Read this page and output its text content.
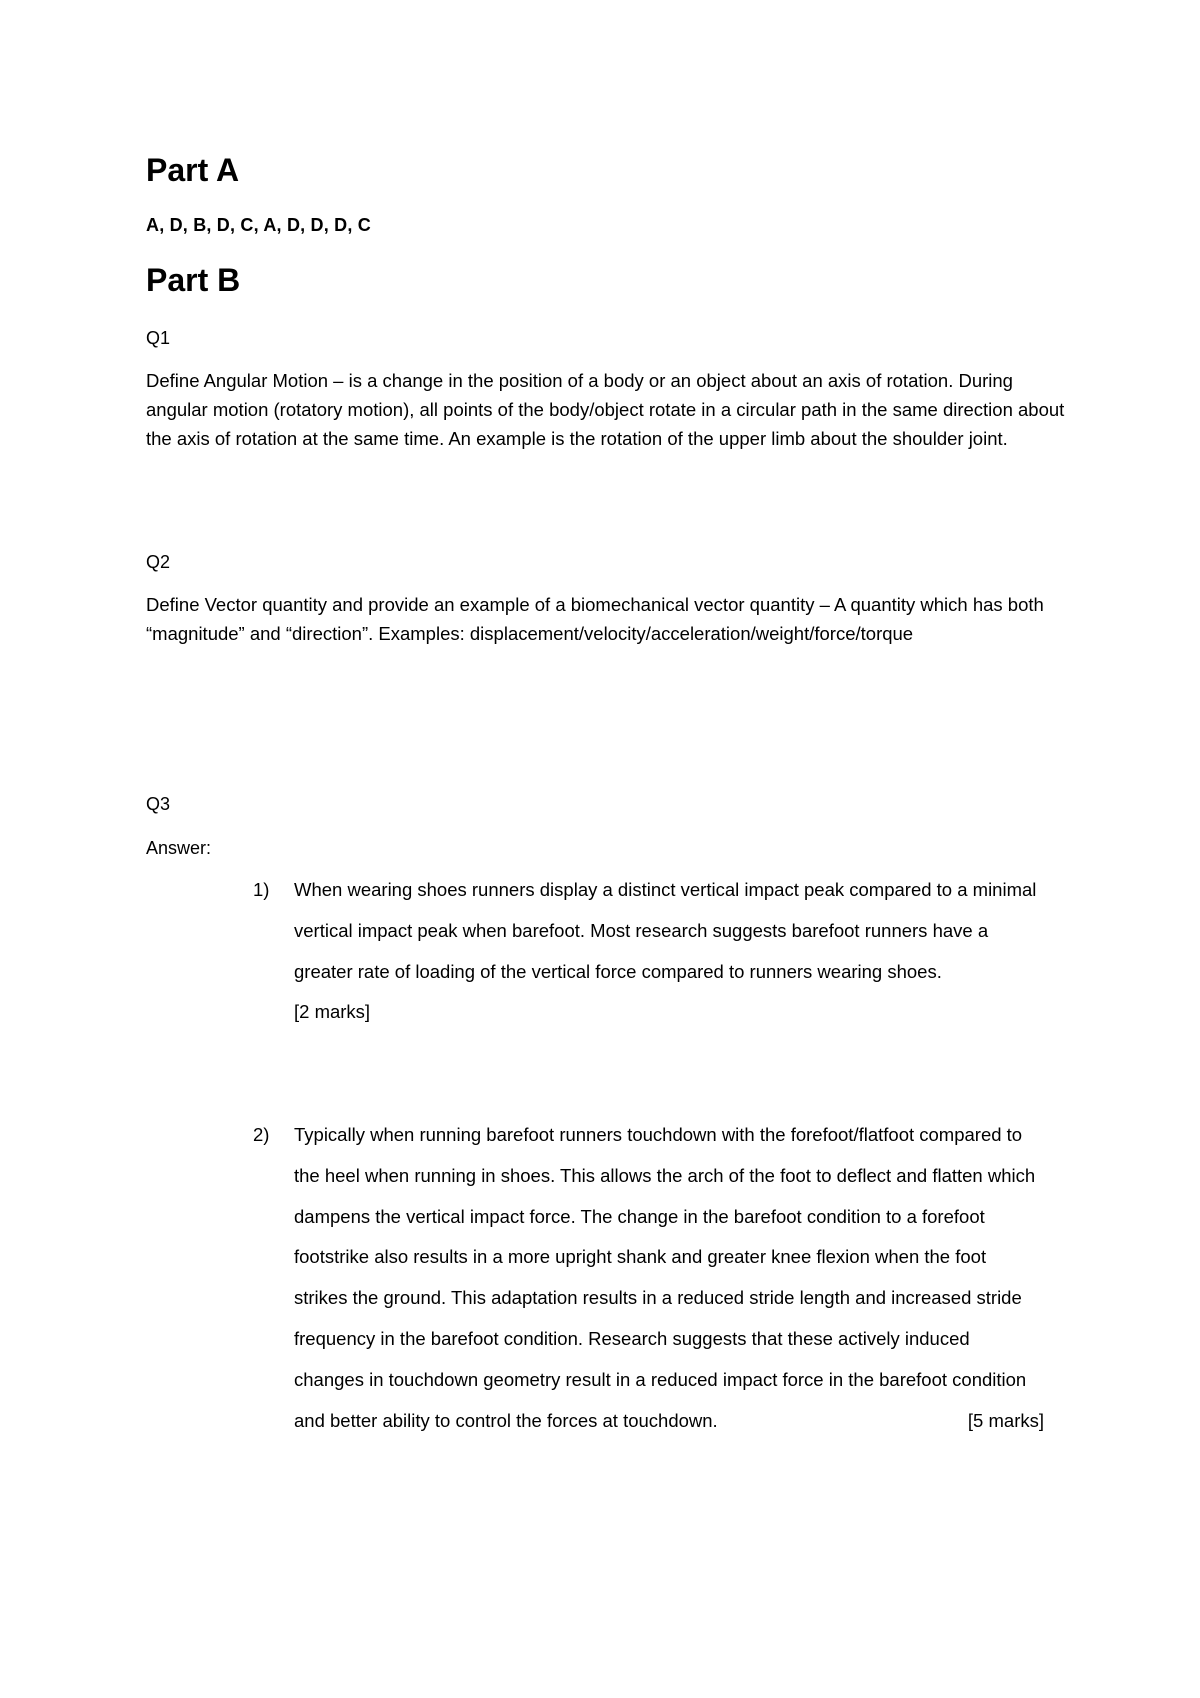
Part A

A, D, B, D, C, A, D, D, D, C

Part B

Q1

Define Angular Motion – is a change in the position of a body or an object about an axis of rotation. During angular motion (rotatory motion), all points of the body/object rotate in a circular path in the same direction about the axis of rotation at the same time. An example is the rotation of the upper limb about the shoulder joint.

Q2

Define Vector quantity and provide an example of a biomechanical vector quantity – A quantity which has both “magnitude” and “direction”. Examples: displacement/velocity/acceleration/weight/force/torque

Q3

Answer:

1) When wearing shoes runners display a distinct vertical impact peak compared to a minimal vertical impact peak when barefoot. Most research suggests barefoot runners have a greater rate of loading of the vertical force compared to runners wearing shoes.
[2 marks]
2) Typically when running barefoot runners touchdown with the forefoot/flatfoot compared to the heel when running in shoes. This allows the arch of the foot to deflect and flatten which dampens the vertical impact force. The change in the barefoot condition to a forefoot footstrike also results in a more upright shank and greater knee flexion when the foot strikes the ground. This adaptation results in a reduced stride length and increased stride frequency in the barefoot condition. Research suggests that these actively induced changes in touchdown geometry result in a reduced impact force in the barefoot condition and better ability to control the forces at touchdown.	[5 marks]
